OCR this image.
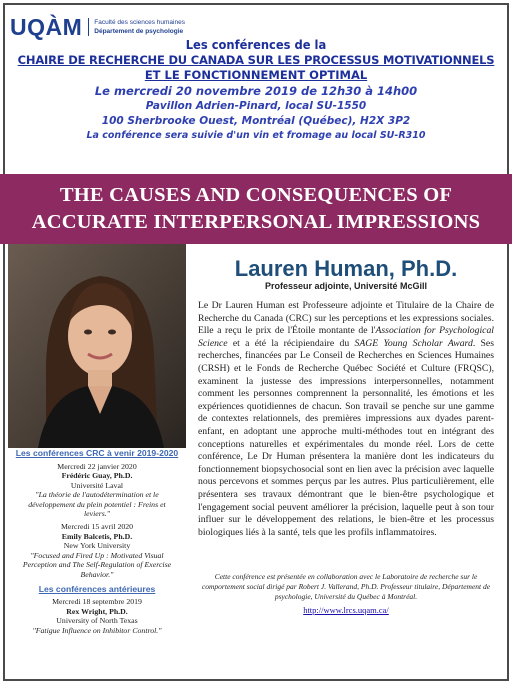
UQÀM Faculté des sciences humaines
Département de psychologie
Les conférences de la
CHAIRE DE RECHERCHE DU CANADA SUR LES PROCESSUS MOTIVATIONNELS
ET LE FONCTIONNEMENT OPTIMAL
Le mercredi 20 novembre 2019 de 12h30 à 14h00
Pavillon Adrien-Pinard, local SU-1550
100 Sherbrooke Ouest, Montréal (Québec), H2X 3P2
La conférence sera suivie d'un vin et fromage au local SU-R310
THE CAUSES AND CONSEQUENCES OF
ACCURATE INTERPERSONAL IMPRESSIONS
Lauren Human, Ph.D.
Professeur adjointe, Université McGill
Le Dr Lauren Human est Professeure adjointe et Titulaire de la Chaire de Recherche du Canada (CRC) sur les perceptions et les expressions sociales. Elle a reçu le prix de l'Étoile montante de l'Association for Psychological Science et a été la récipiendaire du SAGE Young Scholar Award. Ses recherches, financées par Le Conseil de Recherches en Sciences Humaines (CRSH) et le Fonds de Recherche Québec Société et Culture (FRQSC), examinent la justesse des impressions interpersonnelles, notamment comment les personnes comprennent la personnalité, les émotions et les expériences quotidiennes de chacun. Son travail se penche sur une gamme de contextes relationnels, des premières impressions aux dyades parent-enfant, en adoptant une approche multi-méthodes tout en intégrant des conceptions naturelles et expérimentales du monde réel. Lors de cette conférence, Le Dr Human présentera la manière dont les indicateurs du fonctionnement biopsychosocial sont en lien avec la précision avec laquelle nous percevons et sommes perçus par les autres. Plus particulièrement, elle présentera ses travaux démontrant que le bien-être psychologique et l'engagement social peuvent améliorer la précision, laquelle peut à son tour influer sur le développement des relations, le bien-être et les processus biologiques liés à la santé, tels que les profils inflammatoires.
Cette conférence est présentée en collaboration avec le Laboratoire de recherche sur le comportement social dirigé par Robert J. Vallerand, Ph.D. Professeur titulaire, Département de psychologie, Université du Québec à Montréal.
http://www.lrcs.uqam.ca/
Les conférences CRC à venir 2019-2020
Mercredi 22 janvier 2020
Frédéric Guay, Ph.D.
Université Laval
"La théorie de l'autodétermination et le développement du plein potentiel : Freins et leviers."
Mercredi 15 avril 2020
Emily Balcetis, Ph.D.
New York University
"Focused and Fired Up : Motivated Visual Perception and The Self-Regulation of Exercise Behavior."
Les conférences antérieures
Mercredi 18 septembre 2019
Rex Wright, Ph.D.
University of North Texas
"Fatigue Influence on Inhibitor Control."
